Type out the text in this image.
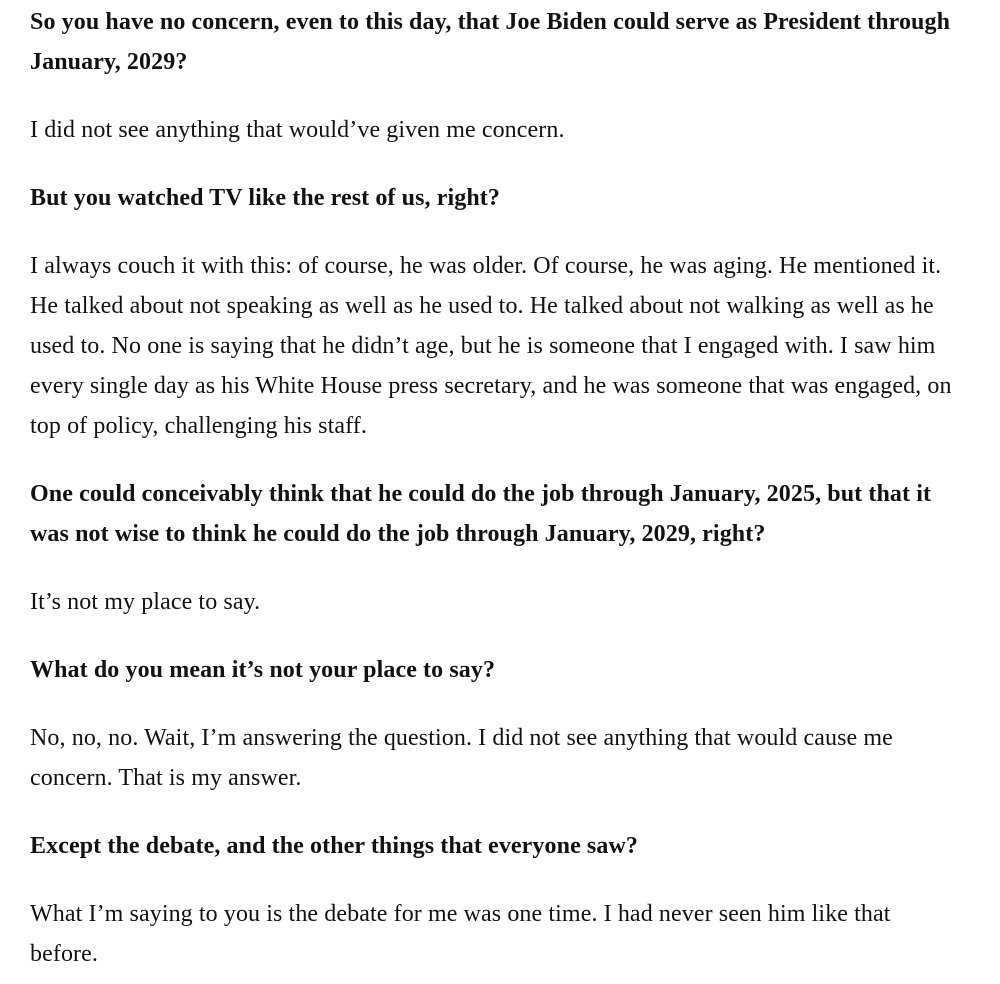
So you have no concern, even to this day, that Joe Biden could serve as President through January, 2029?

I did not see anything that would’ve given me concern.

But you watched TV like the rest of us, right?

I always couch it with this: of course, he was older. Of course, he was aging. He mentioned it. He talked about not speaking as well as he used to. He talked about not walking as well as he used to. No one is saying that he didn’t age, but he is someone that I engaged with. I saw him every single day as his White House press secretary, and he was someone that was engaged, on top of policy, challenging his staff.

One could conceivably think that he could do the job through January, 2025, but that it was not wise to think he could do the job through January, 2029, right?

It’s not my place to say.

What do you mean it’s not your place to say?

No, no, no. Wait, I’m answering the question. I did not see anything that would cause me concern. That is my answer.

Except the debate, and the other things that everyone saw?

What I’m saying to you is the debate for me was one time. I had never seen him like that before.
